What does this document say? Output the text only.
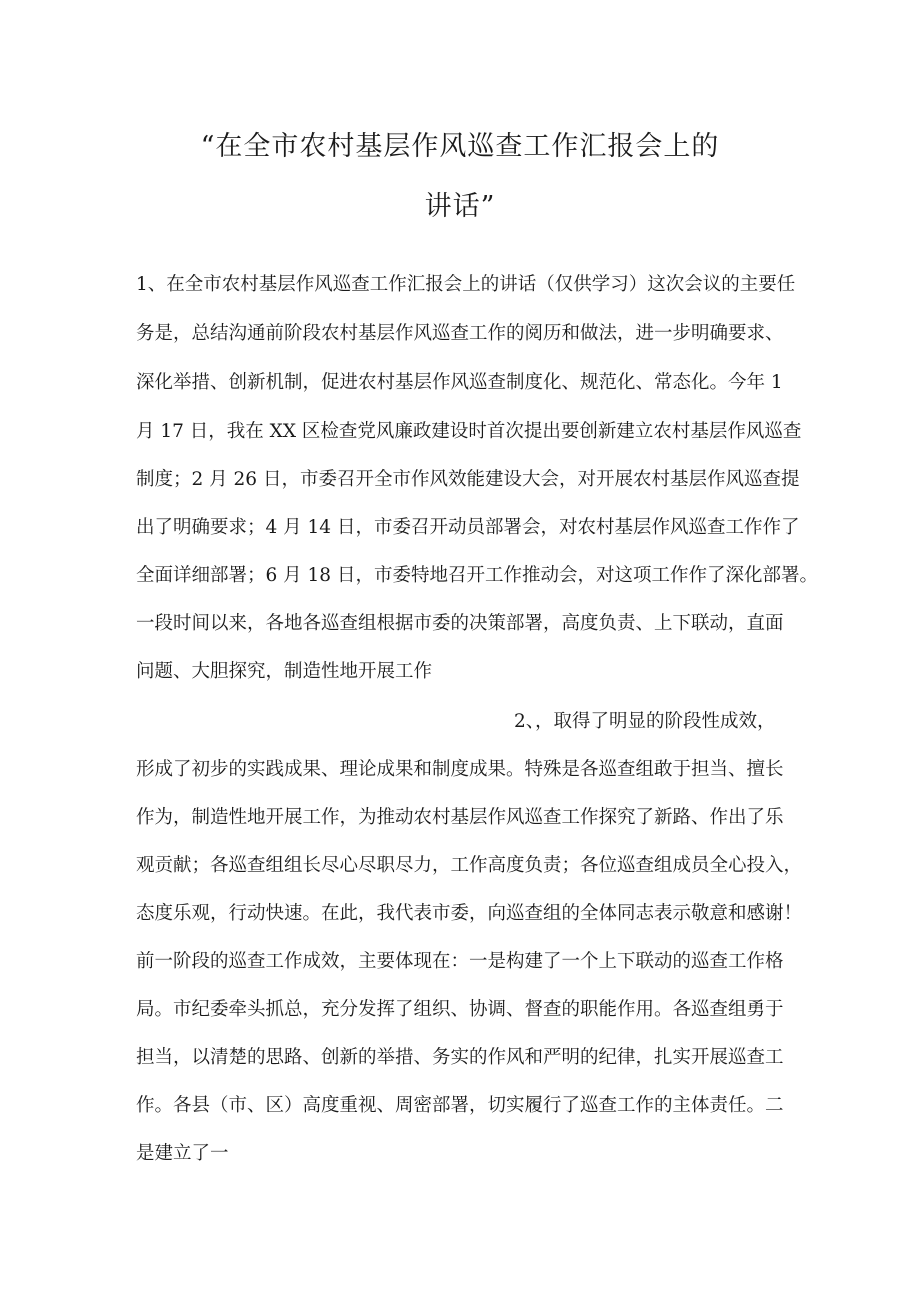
“在全市农村基层作风巡查工作汇报会上的
讲话”
1、在全市农村基层作风巡查工作汇报会上的讲话（仅供学习）这次会议的主要任
务是，总结沟通前阶段农村基层作风巡查工作的阅历和做法，进一步明确要求、
深化举措、创新机制，促进农村基层作风巡查制度化、规范化、常态化。今年 1
月 17 日，我在 XX 区检查党风廉政建设时首次提出要创新建立农村基层作风巡查
制度；2 月 26 日，市委召开全市作风效能建设大会，对开展农村基层作风巡查提
出了明确要求；4 月 14 日，市委召开动员部署会，对农村基层作风巡查工作作了
全面详细部署；6 月 18 日，市委特地召开工作推动会，对这项工作作了深化部署。
一段时间以来，各地各巡查组根据市委的决策部署，高度负责、上下联动，直面
问题、大胆探究，制造性地开展工作
2、，取得了明显的阶段性成效，
形成了初步的实践成果、理论成果和制度成果。特殊是各巡查组敢于担当、擅长
作为，制造性地开展工作，为推动农村基层作风巡查工作探究了新路、作出了乐
观贡献；各巡查组组长尽心尽职尽力，工作高度负责；各位巡查组成员全心投入，
态度乐观，行动快速。在此，我代表市委，向巡查组的全体同志表示敬意和感谢！
前一阶段的巡查工作成效，主要体现在：一是构建了一个上下联动的巡查工作格
局。市纪委牵头抓总，充分发挥了组织、协调、督查的职能作用。各巡查组勇于
担当，以清楚的思路、创新的举措、务实的作风和严明的纪律，扎实开展巡查工
作。各县（市、区）高度重视、周密部署，切实履行了巡查工作的主体责任。二
是建立了一
